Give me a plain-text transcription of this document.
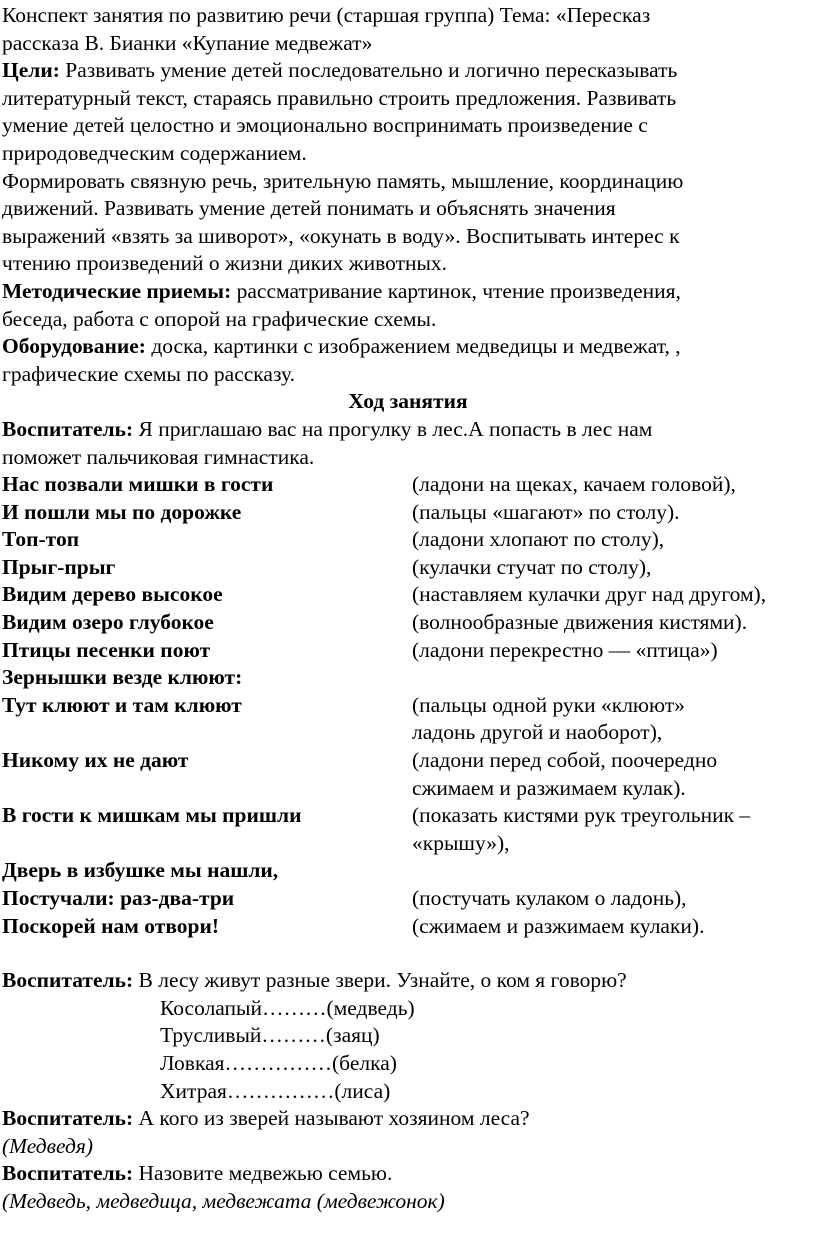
Конспект занятия по развитию речи (старшая группа) Тема: «Пересказ

рассказа В. Бианки «Купание медвежат»

Цели: Развивать умение детей последовательно и логично пересказывать

литературный текст, стараясь правильно строить предложения. Развивать

умение детей целостно и эмоционально воспринимать произведение с

природоведческим содержанием.

Формировать связную речь, зрительную память, мышление, координацию

движений. Развивать умение детей понимать и объяснять значения

выражений «взять за шиворот», «окунать в воду». Воспитывать интерес к

чтению произведений о жизни диких животных.

Методические приемы: рассматривание картинок, чтение произведения,

беседа, работа с опорой на графические схемы.

Оборудование: доска, картинки с изображением медведицы и медвежат, ,

графические схемы по рассказу.

Ход занятия

Воспитатель: Я приглашаю вас на прогулку в лес.А попасть в лес нам

поможет пальчиковая гимнастика.

Нас позвали мишки в гости	(ладони на щеках, качаем головой),
И пошли мы по дорожке	(пальцы «шагают» по столу).
Топ-топ	(ладони хлопают по столу),
Прыг-прыг	(кулачки стучат по столу),
Видим дерево высокое	(наставляем кулачки друг над другом),
Видим озеро глубокое	(волнообразные движения кистями).
Птицы песенки поют	(ладони перекрестно — «птица»)
Зернышки везде клюют:
Тут клюют и там клюют	(пальцы одной руки «клюют»
ладонь другой и наоборот),
Никому их не дают	(ладони перед собой, поочередно
сжимаем и разжимаем кулак).
В гости к мишкам мы пришли	(показать кистями рук треугольник –
«крышу»),
Дверь в избушке мы нашли,
Постучали: раз-два-три	(постучать кулаком о ладонь),
Поскорей нам отвори!	(сжимаем и разжимаем кулаки).

Воспитатель: В лесу живут разные звери. Узнайте, о ком я говорю?

Косолапый………(медведь)

Трусливый………(заяц)

Ловкая……………(белка)

Хитрая……………(лиса)

Воспитатель: А кого из зверей называют хозяином леса?

(Медведя)

Воспитатель: Назовите медвежью семью.

(Медведь, медведица, медвежата (медвежонок)
